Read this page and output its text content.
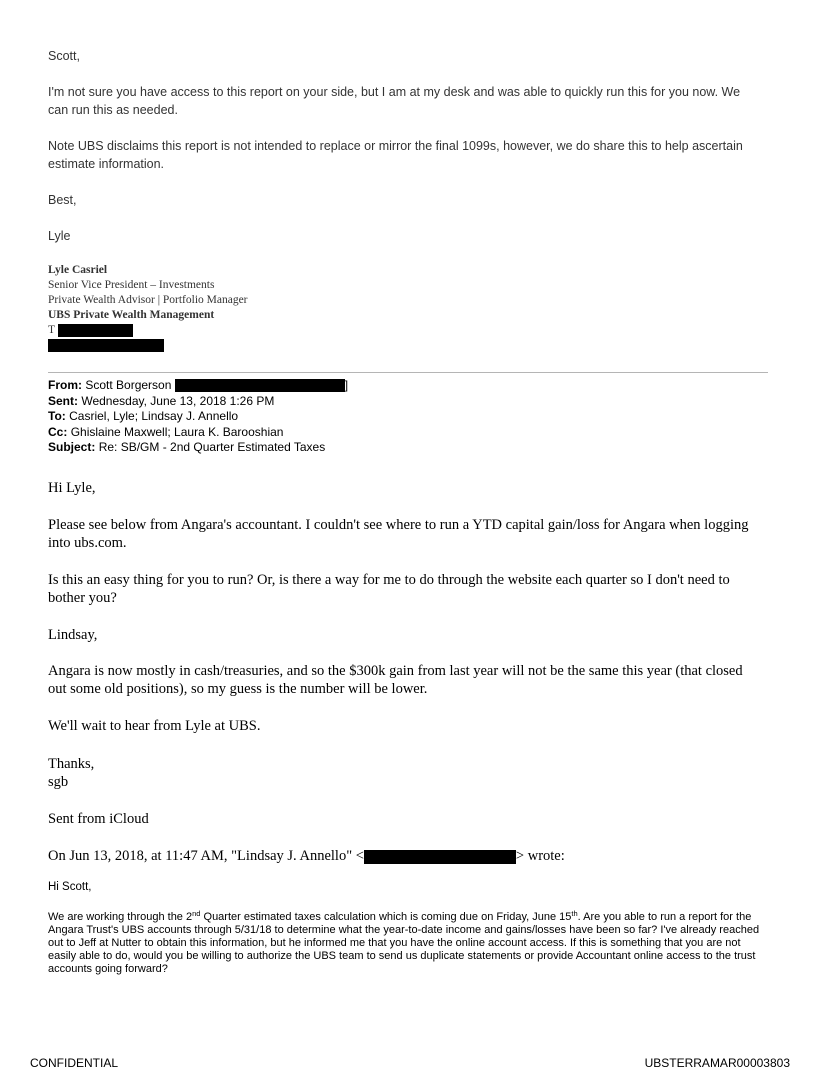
Scott,
I'm not sure you have access to this report on your side, but I am at my desk and was able to quickly run this for you now. We can run this as needed.
Note UBS disclaims this report is not intended to replace or mirror the final 1099s, however, we do share this to help ascertain estimate information.
Best,
Lyle
Lyle Casriel
Senior Vice President – Investments
Private Wealth Advisor | Portfolio Manager
UBS Private Wealth Management
T
From: Scott Borgerson	]
Sent: Wednesday, June 13, 2018 1:26 PM
To: Casriel, Lyle; Lindsay J. Annello
Cc: Ghislaine Maxwell; Laura K. Barooshian
Subject: Re: SB/GM - 2nd Quarter Estimated Taxes
Hi Lyle,
Please see below from Angara's accountant. I couldn't see where to run a YTD capital gain/loss for Angara when logging into ubs.com.
Is this an easy thing for you to run? Or, is there a way for me to do through the website each quarter so I don't need to bother you?
Lindsay,
Angara is now mostly in cash/treasuries, and so the $300k gain from last year will not be the same this year (that closed out some old positions), so my guess is the number will be lower.
We'll wait to hear from Lyle at UBS.
Thanks,
sgb
Sent from iCloud
On Jun 13, 2018, at 11:47 AM, "Lindsay J. Annello" <	> wrote:
Hi Scott,
We are working through the 2nd Quarter estimated taxes calculation which is coming due on Friday, June 15th. Are you able to run a report for the Angara Trust's UBS accounts through 5/31/18 to determine what the year-to-date income and gains/losses have been so far? I've already reached out to Jeff at Nutter to obtain this information, but he informed me that you have the online account access. If this is something that you are not easily able to do, would you be willing to authorize the UBS team to send us duplicate statements or provide Accountant online access to the trust accounts going forward?
CONFIDENTIAL	UBSTERRAMAR00003803
